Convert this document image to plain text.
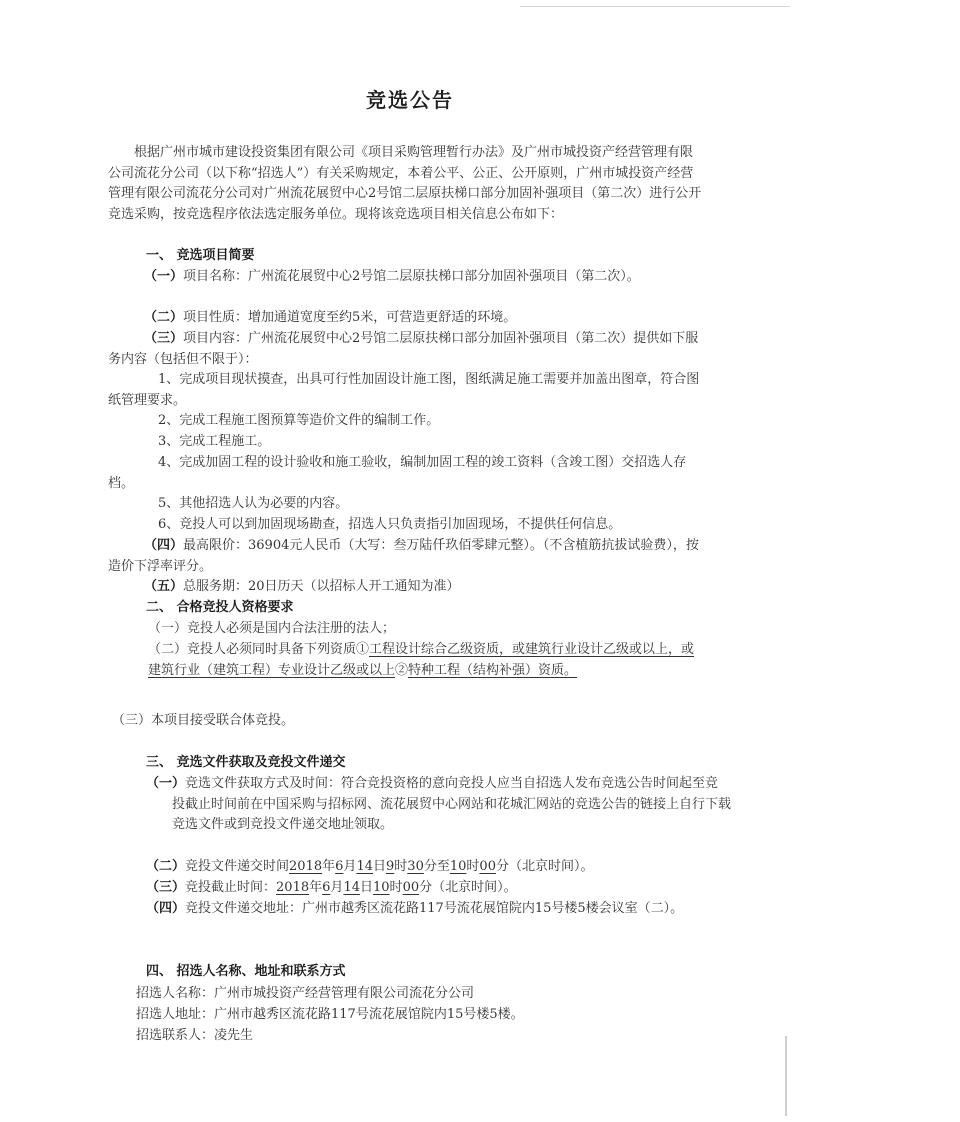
竞选公告
根据广州市城市建设投资集团有限公司《项目采购管理暂行办法》及广州市城投资产经营管理有限公司流花分公司（以下称“招选人”）有关采购规定，本着公平、公正、公开原则，广州市城投资产经营管理有限公司流花分公司对广州流花展贸中心2号馆二层原扶梯口部分加固补强项目（第二次）进行公开竞选采购，按竞选程序依法选定服务单位。现将该竞选项目相关信息公布如下：
一、 竞选项目简要
（一）项目名称：广州流花展贸中心2号馆二层原扶梯口部分加固补强项目（第二次）。
（二）项目性质：增加通道宽度至约5米，可营造更舒适的环境。
（三）项目内容：广州流花展贸中心2号馆二层原扶梯口部分加固补强项目（第二次）提供如下服务内容（包括但不限于）：
1、完成项目现状摸查，出具可行性加固设计施工图，图纸满足施工需要并加盖出图章，符合图纸管理要求。
2、完成工程施工图预算等造价文件的编制工作。
3、完成工程施工。
4、完成加固工程的设计验收和施工验收，编制加固工程的竣工资料（含竣工图）交招选人存档。
5、其他招选人认为必要的内容。
6、竞投人可以到加固现场勘查，招选人只负责指引加固现场，不提供任何信息。
（四）最高限价：36904元人民币（大写：叁万陆仟玖佰零肆元整）。（不含植筋抗拔试验费），按造价下浮率评分。
（五）总服务期：20日历天（以招标人开工通知为准）
二、 合格竞投人资格要求
（一）竞投人必须是国内合法注册的法人；
（二）竞投人必须同时具备下列资质①工程设计综合乙级资质，或建筑行业设计乙级或以上，或建筑行业（建筑工程）专业设计乙级或以上②特种工程（结构补强）资质。
（三）本项目接受联合体竞投。
三、 竞选文件获取及竞投文件递交
（一）竞选文件获取方式及时间：符合竞投资格的意向竞投人应当自招选人发布竞选公告时间起至竞投截止时间前在中国采购与招标网、流花展贸中心网站和花城汇网站的竞选公告的链接上自行下载竞选文件或到竞投文件递交地址领取。
（二）竞投文件递交时间2018年6月14日9时30分至10时00分（北京时间）。
（三）竞投截止时间：2018年6月14日10时00分（北京时间）。
（四）竞投文件递交地址：广州市越秀区流花路117号流花展馆院内15号楼5楼会议室（二）。
四、 招选人名称、地址和联系方式
招选人名称：广州市城投资产经营管理有限公司流花分公司
招选人地址：广州市越秀区流花路117号流花展馆院内15号楼5楼。
招选联系人：凌先生
